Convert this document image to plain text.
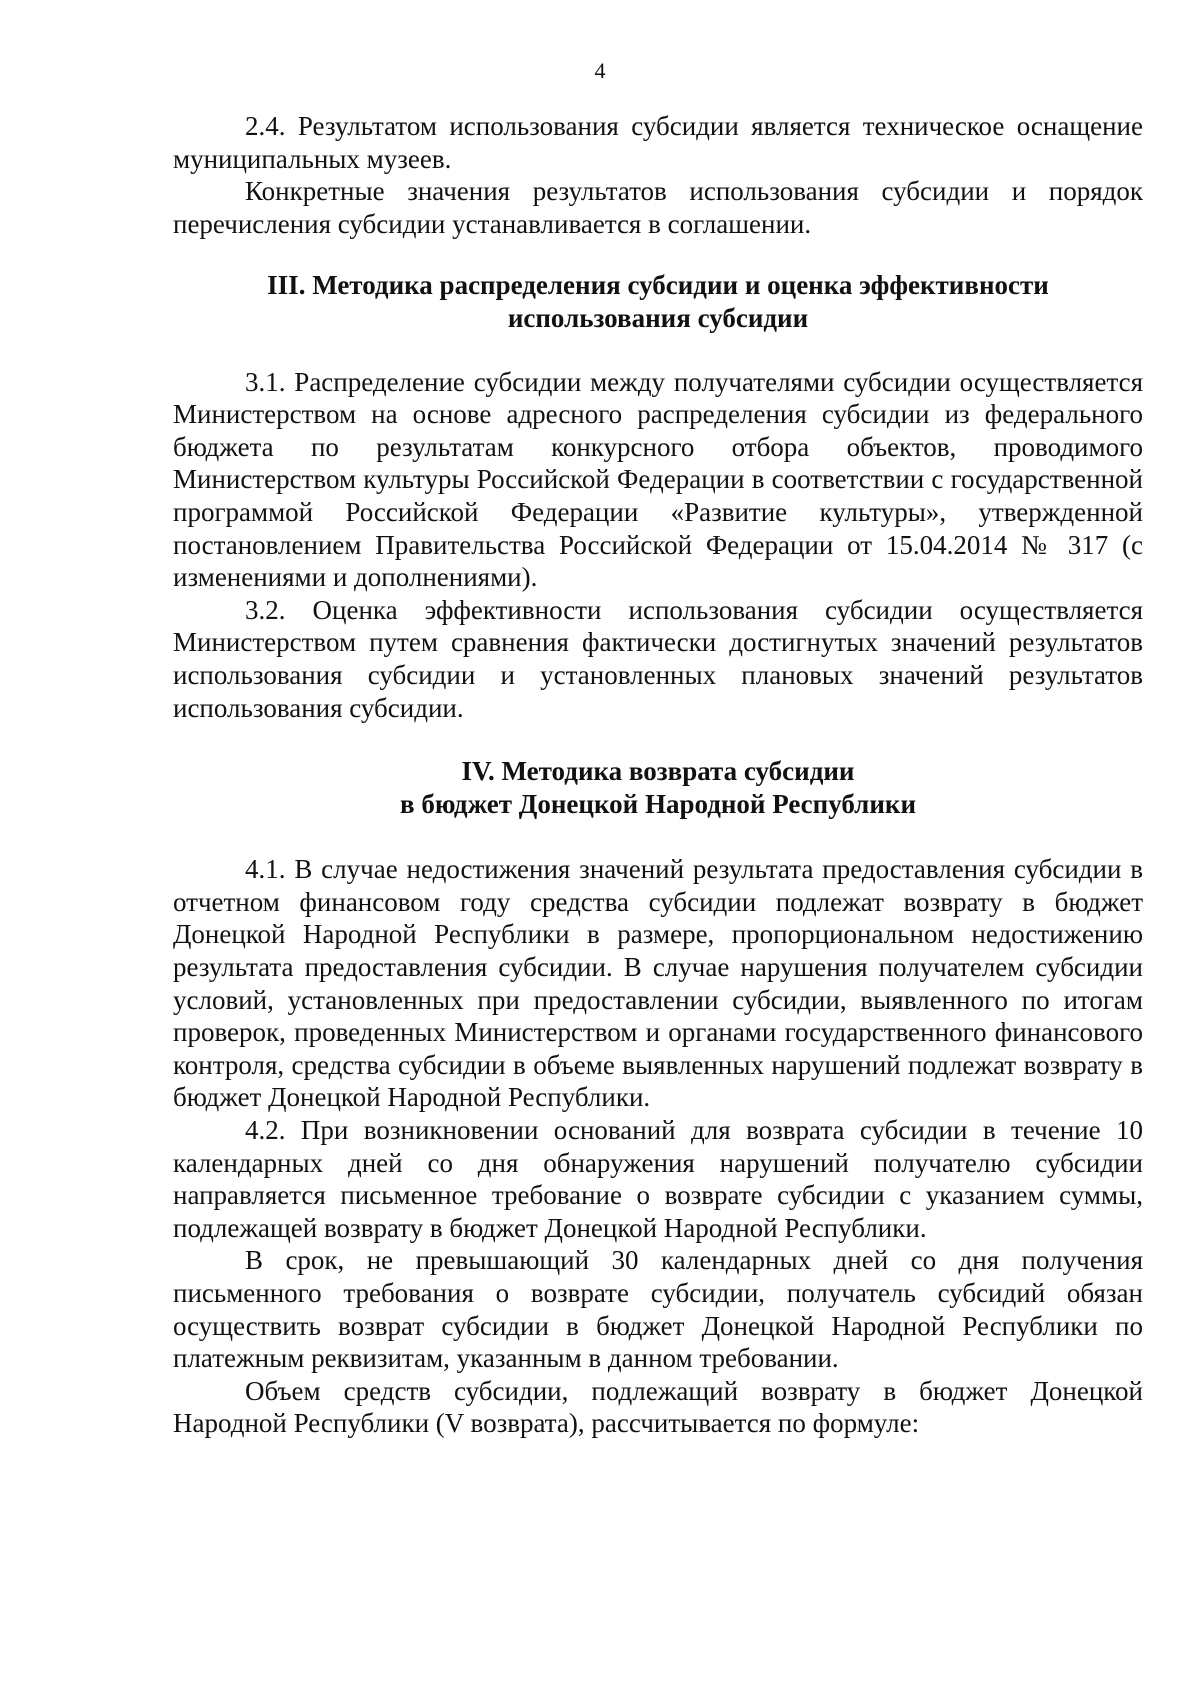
4

2.4. Результатом использования субсидии является техническое оснащение муниципальных музеев.

Конкретные значения результатов использования субсидии и порядок перечисления субсидии устанавливается в соглашении.

III. Методика распределения субсидии и оценка эффективности
использования субсидии

3.1. Распределение субсидии между получателями субсидии осуществляется Министерством на основе адресного распределения субсидии из федерального бюджета по результатам конкурсного отбора объектов, проводимого Министерством культуры Российской Федерации в соответствии с государственной программой Российской Федерации «Развитие культуры», утвержденной постановлением Правительства Российской Федерации от 15.04.2014 № 317 (с изменениями и дополнениями).

3.2. Оценка эффективности использования субсидии осуществляется Министерством путем сравнения фактически достигнутых значений результатов использования субсидии и установленных плановых значений результатов использования субсидии.

IV. Методика возврата субсидии
в бюджет Донецкой Народной Республики

4.1. В случае недостижения значений результата предоставления субсидии в отчетном финансовом году средства субсидии подлежат возврату в бюджет Донецкой Народной Республики в размере, пропорциональном недостижению результата предоставления субсидии. В случае нарушения получателем субсидии условий, установленных при предоставлении субсидии, выявленного по итогам проверок, проведенных Министерством и органами государственного финансового контроля, средства субсидии в объеме выявленных нарушений подлежат возврату в бюджет Донецкой Народной Республики.

4.2. При возникновении оснований для возврата субсидии в течение 10 календарных дней со дня обнаружения нарушений получателю субсидии направляется письменное требование о возврате субсидии с указанием суммы, подлежащей возврату в бюджет Донецкой Народной Республики.

В срок, не превышающий 30 календарных дней со дня получения письменного требования о возврате субсидии, получатель субсидий обязан осуществить возврат субсидии в бюджет Донецкой Народной Республики по платежным реквизитам, указанным в данном требовании.

Объем средств субсидии, подлежащий возврату в бюджет Донецкой Народной Республики (V возврата), рассчитывается по формуле:
